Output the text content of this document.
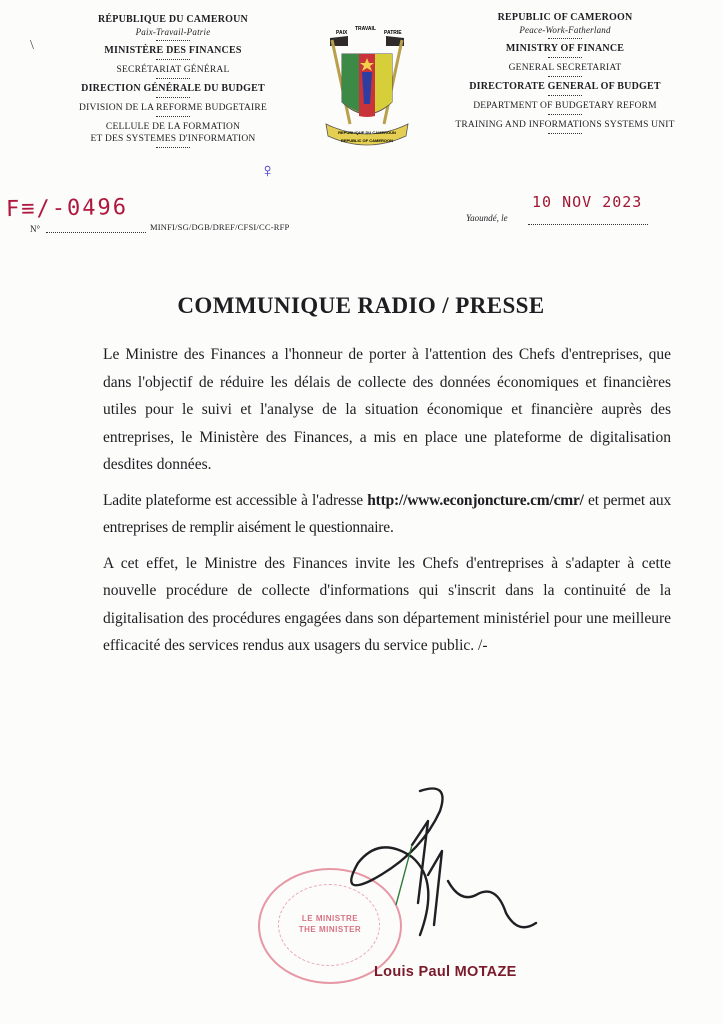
\
RÉPUBLIQUE DU CAMEROUN
Paix-Travail-Patrie
MINISTÈRE DES FINANCES
SECRÉTARIAT GÉNÉRAL
DIRECTION GÉNÉRALE DU BUDGET
DIVISION DE LA REFORME BUDGETAIRE
CELLULE DE LA FORMATION
ET DES SYSTEMES D'INFORMATION
♀
PAIX
TRAVAIL
PATRIE
REPUBLIQUE DU CAMEROUN
REPUBLIC OF CAMEROON
REPUBLIC OF CAMEROON
Peace-Work-Fatherland
MINISTRY OF FINANCE
GENERAL SECRETARIAT
DIRECTORATE GENERAL OF BUDGET
DEPARTMENT OF BUDGETARY REFORM
TRAINING AND INFORMATIONS SYSTEMS UNIT
F≡/-0496
N°	MINFI/SG/DGB/DREF/CFSI/CC-RFP
10 NOV 2023
Yaoundé, le
COMMUNIQUE RADIO / PRESSE

Le Ministre des Finances a l'honneur de porter à l'attention des Chefs d'entreprises, que dans l'objectif de réduire les délais de collecte des données économiques et financières utiles pour le suivi et l'analyse de la situation économique et financière auprès des entreprises, le Ministère des Finances, a mis en place une plateforme de digitalisation desdites données.

Ladite plateforme est accessible à l'adresse http://www.econjoncture.cm/cmr/ et permet aux entreprises de remplir aisément le questionnaire.

A cet effet, le Ministre des Finances invite les Chefs d'entreprises à s'adapter à cette nouvelle procédure de collecte d'informations qui s'inscrit dans la continuité de la digitalisation des procédures engagées dans son département ministériel pour une meilleure efficacité des services rendus aux usagers du service public. /-

LE MINISTRE
THE MINISTER
Louis Paul MOTAZE
